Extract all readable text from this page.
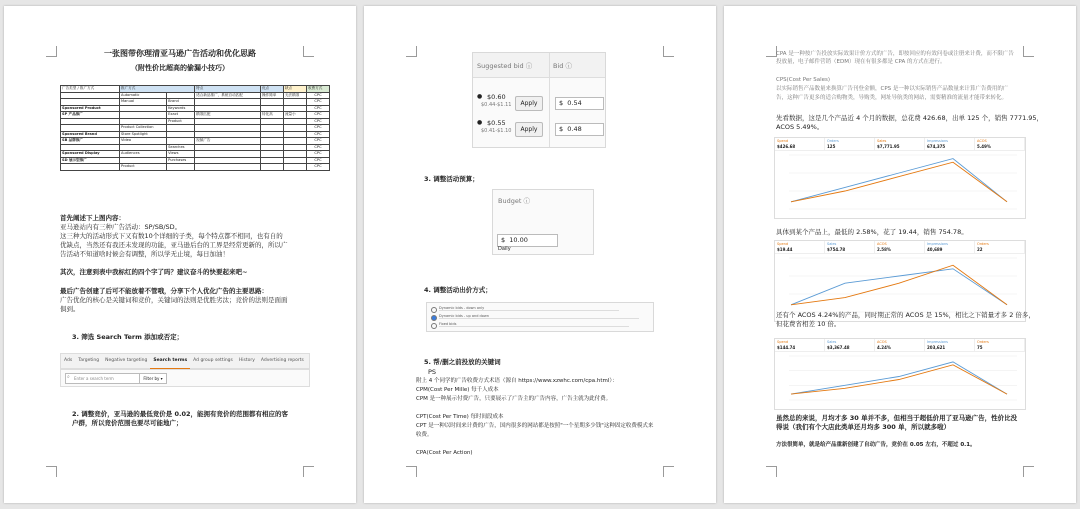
一张图带你理清亚马逊广告活动和优化思路
（附性价比超高的偷漏小技巧）
广告类型 / 推广方式	推广方式		特点	优点	缺点	收费方式
	Automatic		适合新品推广，系统自动匹配	操作简单	无法精准	CPC
	Manual	Brand				CPC
Sponsored Product		Keywords				CPC
SP 产品推广		Exact	精准匹配	转化高	流量小	CPC
		Product				CPC
	Product Collection					CPC
Sponsored Brand	Store Spotlight					CPC
SB 品牌推广	Video		视频广告			CPC
		Searches				CPC
Sponsored Display	Audiences	Views				CPC
SD 展示型推广		Purchases				CPC
	Product					CPC
首先阐述下上图内容：
亚马逊站内有三种广告活动：SP/SB/SD。
这三种大的活动形式下又有数10个详细的子类，每个特点都不相同，也有自的
优缺点，当然还有我还未发现的功能，亚马逊后台的工界是经常更新的，所以广
告活动不知道啥时候会有调整，所以学无止境，每日加油！
其次，注意到表中我标红的四个字了吗？建议奋斗的快要起来吧~
最后广告创建了后可不能放着不管哦，分享下个人优化广告的主要思路：
广告优化的核心是关键词和竞价，关键词的法则是优胜劣汰；竞价的法则是面面
俱到。
3. 筛选 Search Term 添加或否定；
Ads	Targeting	Negative targeting	Search terms	Ad group settings	History	Advertising reports
Enter a search term
⌕	Filter by ▾
2. 调整竞价，亚马逊的最低竞价是 0.02，能拥有竞价的范围都有相应的客
户群，所以竞价范围也要尽可能地广；
Suggested bid ⓘ	Bid ⓘ
● $0.60
$0.44-$1.11	Apply	$ 0.54
● $0.55
$0.41-$1.10	Apply	$ 0.48
3. 调整活动预算；
Budget ⓘ
$ 10.00
Daily
4. 调整活动出价方式；
Dynamic bids - down only
Dynamic bids - up and down
Fixed bids
5. 帮/删之前投放的关键词
PS
附上 4 个同学的广告收费方式术语（源自 https://www.xzwhc.com/cpa.html）：
CPM(Cost Per Mille) 每千人成本
CPM 是一种展示付费广告，只要展示了广告主的广告内容，广告主就为此付费。
CPT(Cost Per Time) 每时间段成本
CPT 是一种以时间来计费的广告，国内很多的网站都是按照"一个星期多少钱"这种固定收费模式来
收费。
CPA(Cost Per Action)
CPA 是一种按广告投放实际效果计价方式的广告，即按回应的有效问卷或注册来计费，而不限广告
投放量，电子邮件营销（EDM）现在有很多都是 CPA 的方式在进行。
CPS(Cost Per Sales)
以实际销售产品数量来换算广告刊登金额，CPS 是一种以实际销售产品数量来计算广告费用的广
告，这种广告更多的适合购物类，导购类，网址导航类的网站，需要精准的流量才能带来转化。
先看数据，这是几个产品近 4 个月的数据，总花费 426.68，出单 125 个，销售 7771.95，
ACOS 5.49%。
Spend
$426.68
Orders
125
Sales
$7,771.95
Impressions
674,375
ACOS
5.49%
具体到某个产品上，最低的 2.58%，花了 19.44，销售 754.78。
Spend
$19.44
Sales
$754.78
ACOS
2.58%
Impressions
40,689
Orders
22
还有个 ACOS 4.24%的产品，同时期正常的 ACOS 是 15%，相比之下销量才多 2 倍多，
但花费省相差 10 倍。
Spend
$144.74
Sales
$3,367.48
ACOS
4.24%
Impressions
203,621
Orders
75
虽然总的来说，月均才多 30 单并不多，但相当于超低价用了亚马逊广告，性价比没
得说（我们有个大店此类单还月均多 300 单，所以就多啦）
方法很简单，就是给产品重新创建了自动广告，竞价在 0.05 左右，不超过 0.1。
